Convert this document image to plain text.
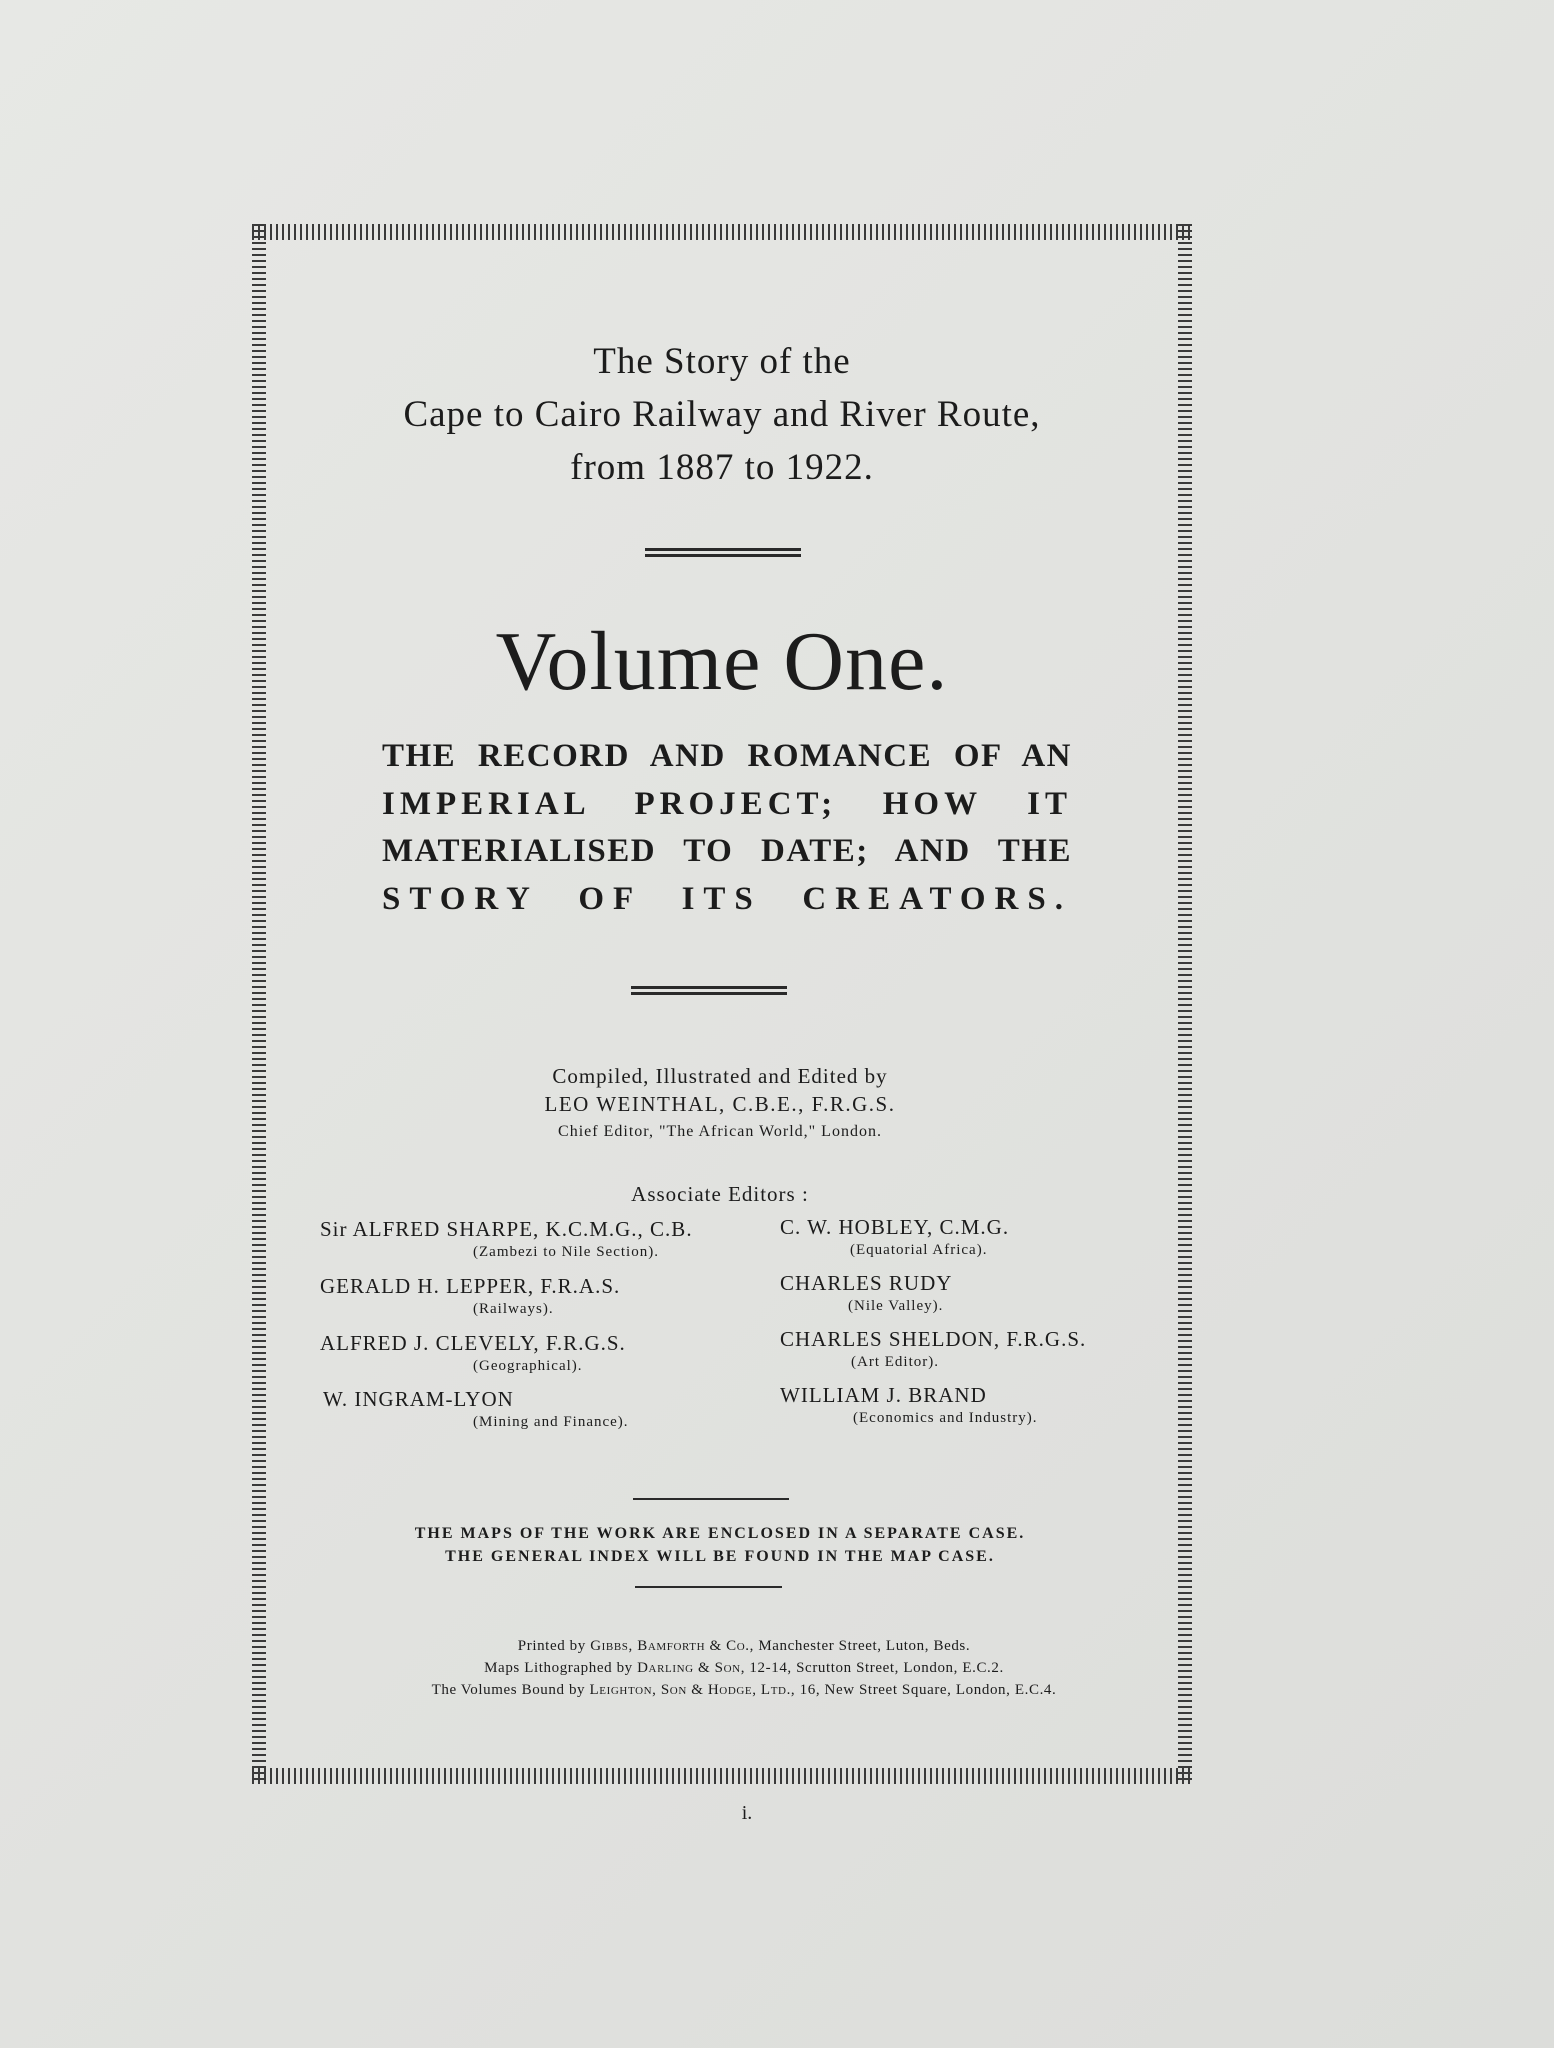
The Story of the
Cape to Cairo Railway and River Route,
from 1887 to 1922.
Volume One.
THE RECORD AND ROMANCE OF AN
IMPERIAL PROJECT; HOW IT
MATERIALISED TO DATE; AND THE
STORY OF ITS CREATORS.
Compiled, Illustrated and Edited by
LEO WEINTHAL, C.B.E., F.R.G.S.
Chief Editor, "The African World," London.
Associate Editors :
Sir ALFRED SHARPE, K.C.M.G., C.B.
(Zambezi to Nile Section).
GERALD H. LEPPER, F.R.A.S.
(Railways).
ALFRED J. CLEVELY, F.R.G.S.
(Geographical).
W. INGRAM-LYON
(Mining and Finance).
C. W. HOBLEY, C.M.G.
(Equatorial Africa).
CHARLES RUDY
(Nile Valley).
CHARLES SHELDON, F.R.G.S.
(Art Editor).
WILLIAM J. BRAND
(Economics and Industry).
THE MAPS OF THE WORK ARE ENCLOSED IN A SEPARATE CASE.
THE GENERAL INDEX WILL BE FOUND IN THE MAP CASE.
Printed by Gibbs, Bamforth & Co., Manchester Street, Luton, Beds.
Maps Lithographed by Darling & Son, 12-14, Scrutton Street, London, E.C.2.
The Volumes Bound by Leighton, Son & Hodge, Ltd., 16, New Street Square, London, E.C.4.
i.
